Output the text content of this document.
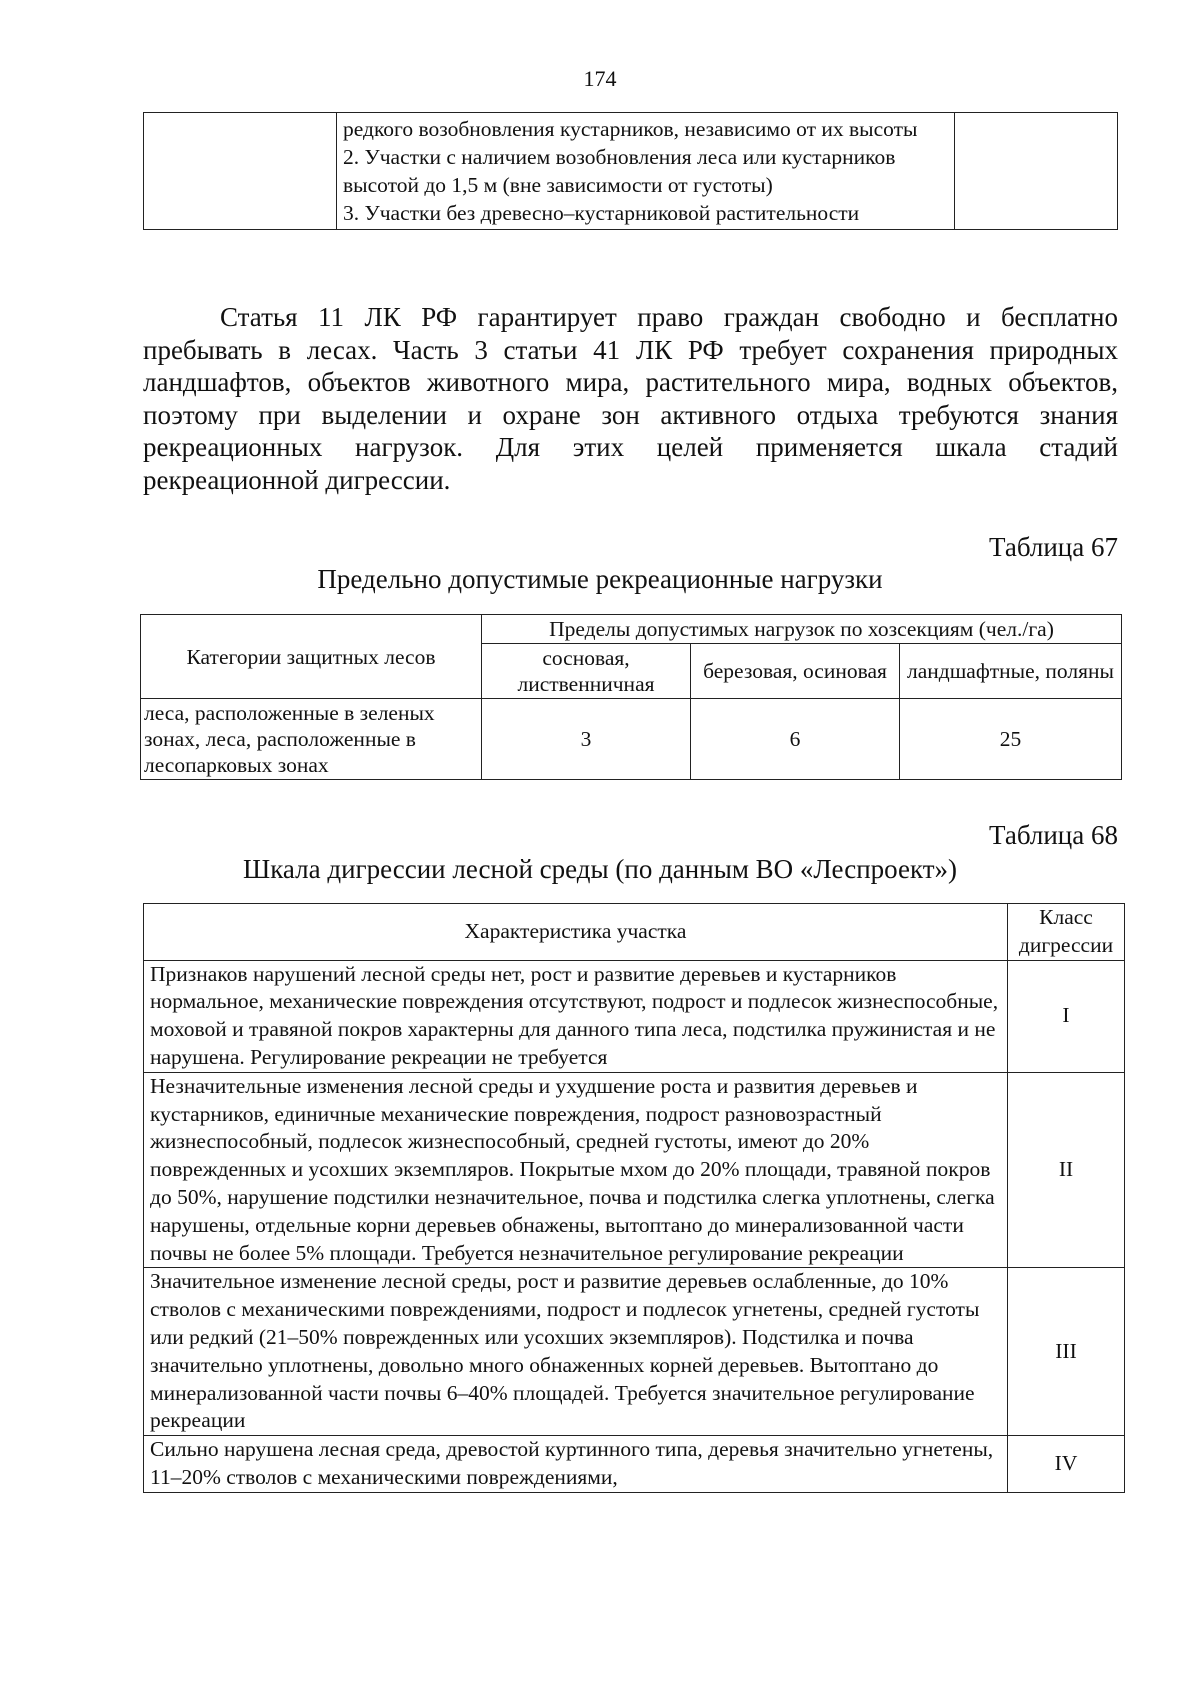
174

редкого возобновления кустарников, независимо от их высоты
2. Участки с наличием возобновления леса или кустарников высотой до 1,5 м (вне зависимости от густоты)
3. Участки без древесно–кустарниковой растительности

Статья 11 ЛК РФ гарантирует право граждан свободно и бесплатно пребывать в лесах. Часть 3 статьи 41 ЛК РФ требует сохранения природных ландшафтов, объектов животного мира, растительного мира, водных объектов, поэтому при выделении и охране зон активного отдыха требуются знания рекреационных нагрузок. Для этих целей применяется шкала стадий рекреационной дигрессии.

Таблица 67
Предельно допустимые рекреационные нагрузки
Категории защитных лесов	Пределы допустимых нагрузок по хозсекциям (чел./га)		
	сосновая, лиственничная	березовая, осиновая	ландшафтные, поляны
леса, расположенные в зеленых зонах, леса, расположенные в лесопарковых зонах	3	6	25
Таблица 68
Шкала дигрессии лесной среды (по данным ВО «Леспроект»)
Характеристика участка	Класс дигрессии
Признаков нарушений лесной среды нет, рост и развитие деревьев и кустарников нормальное, механические повреждения отсутствуют, подрост и подлесок жизнеспособные, моховой и травяной покров характерны для данного типа леса, подстилка пружинистая и не нарушена. Регулирование рекреации не требуется	I
Незначительные изменения лесной среды и ухудшение роста и развития деревьев и кустарников, единичные механические повреждения, подрост разновозрастный жизнеспособный, подлесок жизнеспособный, средней густоты, имеют до 20% поврежденных и усохших экземпляров. Покрытые мхом до 20% площади, травяной покров до 50%, нарушение подстилки незначительное, почва и подстилка слегка уплотнены, слегка нарушены, отдельные корни деревьев обнажены, вытоптано до минерализованной части почвы не более 5% площади. Требуется незначительное регулирование рекреации	II
Значительное изменение лесной среды, рост и развитие деревьев ослабленные, до 10% стволов с механическими повреждениями, подрост и подлесок угнетены, средней густоты или редкий (21–50% поврежденных или усохших экземпляров). Подстилка и почва значительно уплотнены, довольно много обнаженных корней деревьев. Вытоптано до минерализованной части почвы 6–40% площадей. Требуется значительное регулирование рекреации	III
Сильно нарушена лесная среда, древостой куртинного типа, деревья значительно угнетены, 11–20% стволов с механическими повреждениями,	IV
